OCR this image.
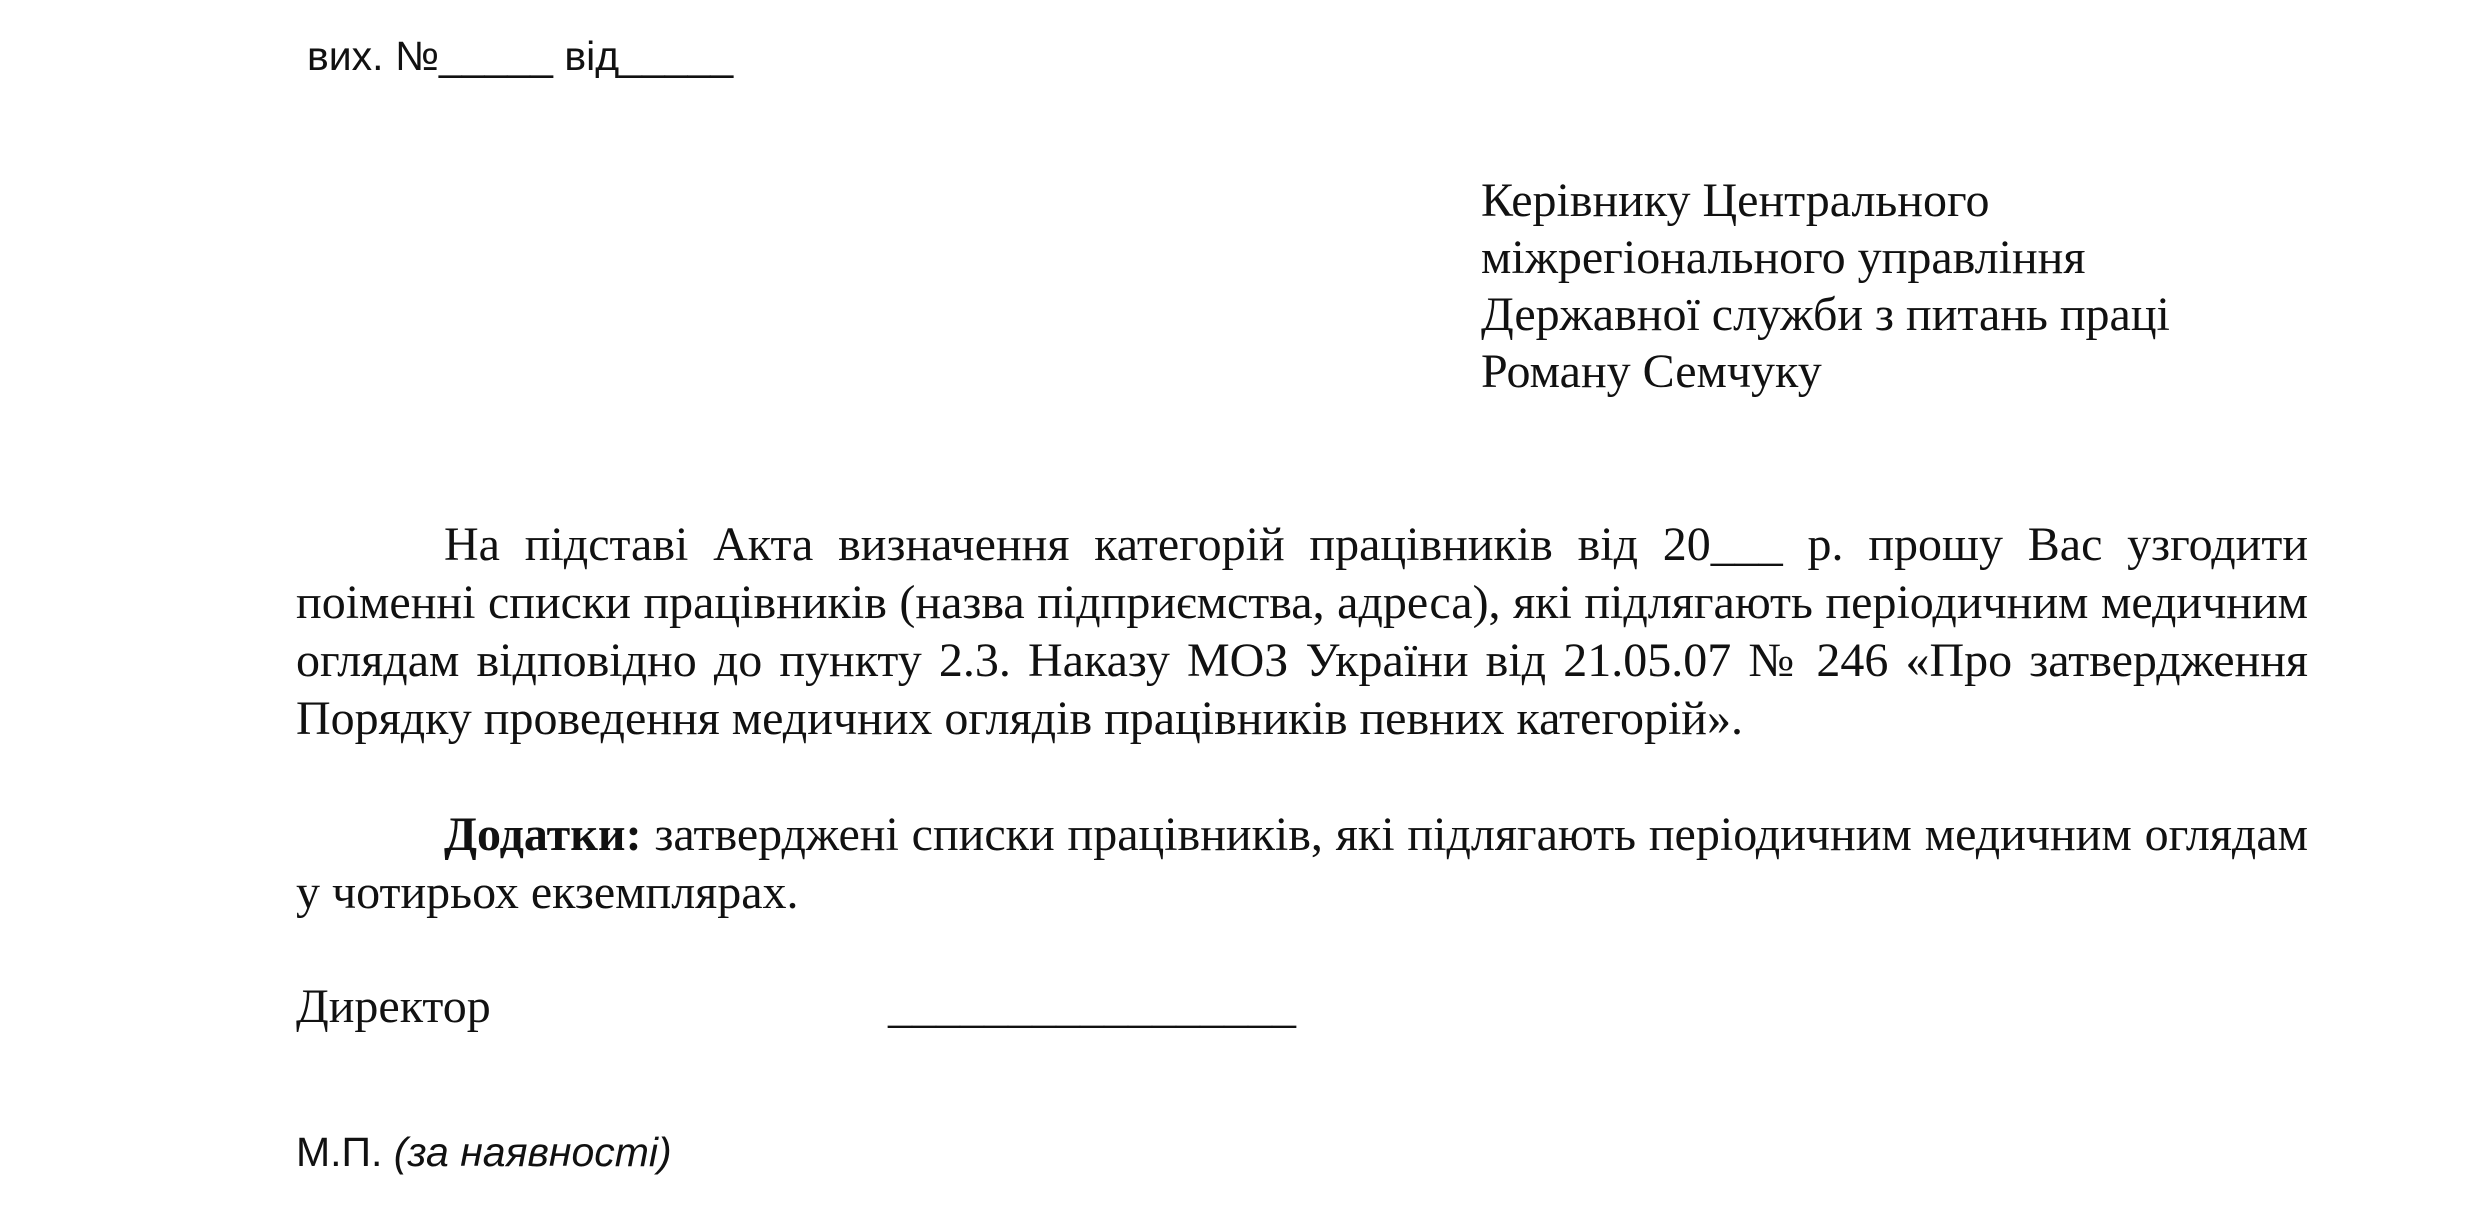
вих. №_____ від_____
Керівнику Центрального
міжрегіонального управління
Державної служби з питань праці
Роману Семчуку

На підставі Акта визначення категорій працівників від 20___ р. прошу Вас узгодити поіменні списки працівників (назва підприємства, адреса), які підлягають періодичним медичним оглядам відповідно до пункту 2.3. Наказу МОЗ України від 21.05.07 № 246 «Про затвердження Порядку проведення медичних оглядів працівників певних категорій».

Додатки: затверджені списки працівників, які підлягають періодичним медичним оглядам у чотирьох екземплярах.

Директор	_________________
М.П. (за наявності)
